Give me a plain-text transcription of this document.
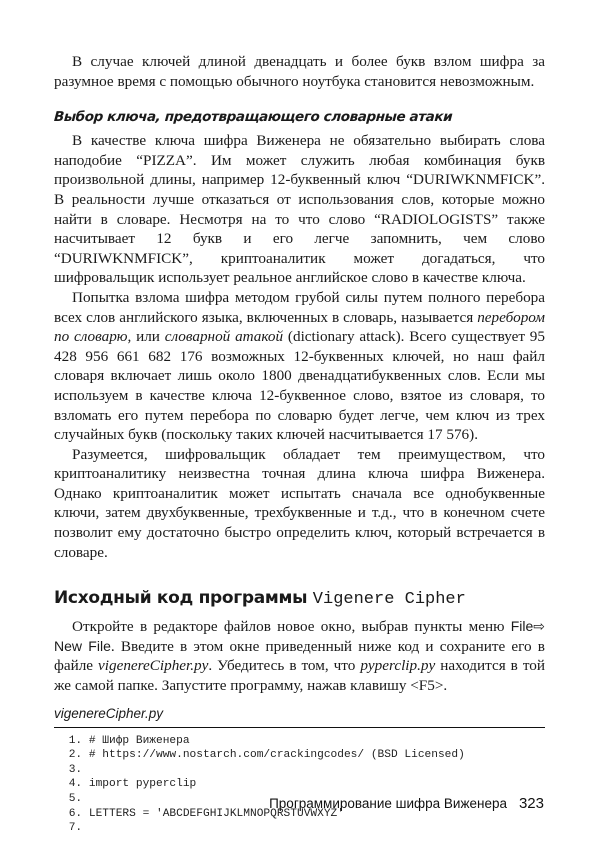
В случае ключей длиной двенадцать и более букв взлом шифра за разумное время с помощью обычного ноутбука становится невозможным.

Выбор ключа, предотвращающего словарные атаки

В качестве ключа шифра Виженера не обязательно выбирать слова наподобие “PIZZA”. Им может служить любая комбинация букв произвольной длины, например 12-буквенный ключ “DURIWKNMFICK”. В реальности лучше отказаться от использования слов, которые можно найти в словаре. Несмотря на то что слово “RADIOLOGISTS” также насчитывает 12 букв и его легче запомнить, чем слово “DURIWKNMFICK”, криптоаналитик может догадаться, что шифровальщик использует реальное английское слово в качестве ключа.

Попытка взлома шифра методом грубой силы путем полного перебора всех слов английского языка, включенных в словарь, называется перебором по словарю, или словарной атакой (dictionary attack). Всего существует 95 428 956 661 682 176 возможных 12-буквенных ключей, но наш файл словаря включает лишь около 1800 двенадцатибуквенных слов. Если мы используем в качестве ключа 12-буквенное слово, взятое из словаря, то взломать его путем перебора по словарю будет легче, чем ключ из трех случайных букв (поскольку таких ключей насчитывается 17 576).

Разумеется, шифровальщик обладает тем преимуществом, что криптоаналитику неизвестна точная длина ключа шифра Виженера. Однако криптоаналитик может испытать сначала все однобуквенные ключи, затем двухбуквенные, трехбуквенные и т.д., что в конечном счете позволит ему достаточно быстро определить ключ, который встречается в словаре.

Исходный код программы Vigenere Cipher

Откройте в редакторе файлов новое окно, выбрав пункты меню File⇨ New File. Введите в этом окне приведенный ниже код и сохраните его в файле vigenereCipher.py. Убедитесь в том, что pyperclip.py находится в той же самой папке. Запустите программу, нажав клавишу <F5>.

vigenereCipher.py
1. # Шифр Виженера
2. # https://www.nostarch.com/crackingcodes/ (BSD Licensed)
3.
4. import pyperclip
5.
6. LETTERS = 'ABCDEFGHIJKLMNOPQRSTUVWXYZ'
7.
Программирование шифра Виженера 323
